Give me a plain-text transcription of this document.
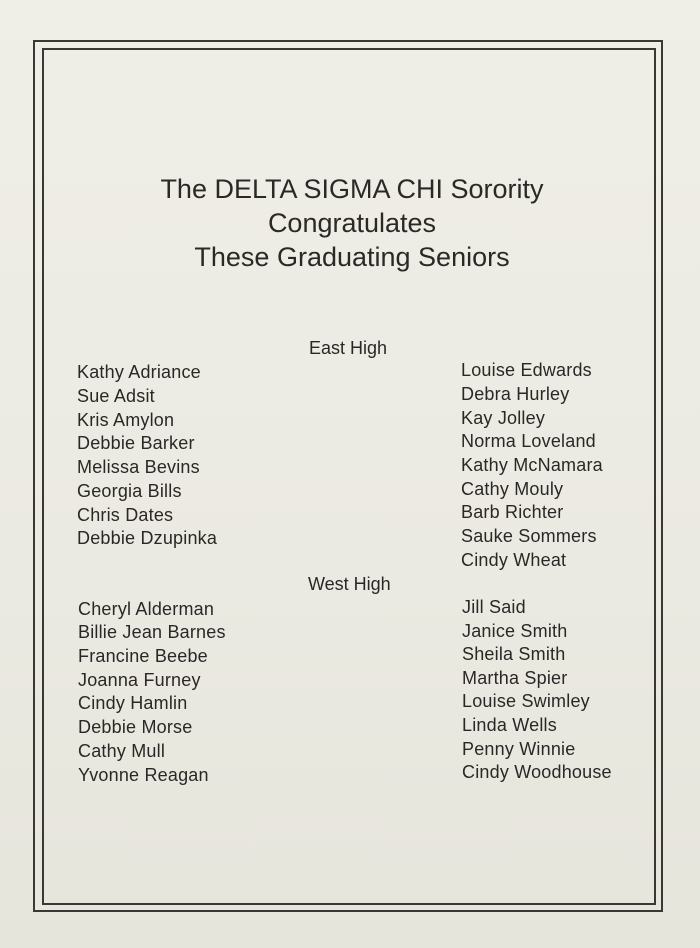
The DELTA SIGMA CHI Sorority
Congratulates
These Graduating Seniors
East High
Kathy Adriance
Sue Adsit
Kris Amylon
Debbie Barker
Melissa Bevins
Georgia Bills
Chris Dates
Debbie Dzupinka
Louise Edwards
Debra Hurley
Kay Jolley
Norma Loveland
Kathy McNamara
Cathy Mouly
Barb Richter
Sauke Sommers
Cindy Wheat
West High
Cheryl Alderman
Billie Jean Barnes
Francine Beebe
Joanna Furney
Cindy Hamlin
Debbie Morse
Cathy Mull
Yvonne Reagan
Jill Said
Janice Smith
Sheila Smith
Martha Spier
Louise Swimley
Linda Wells
Penny Winnie
Cindy Woodhouse
